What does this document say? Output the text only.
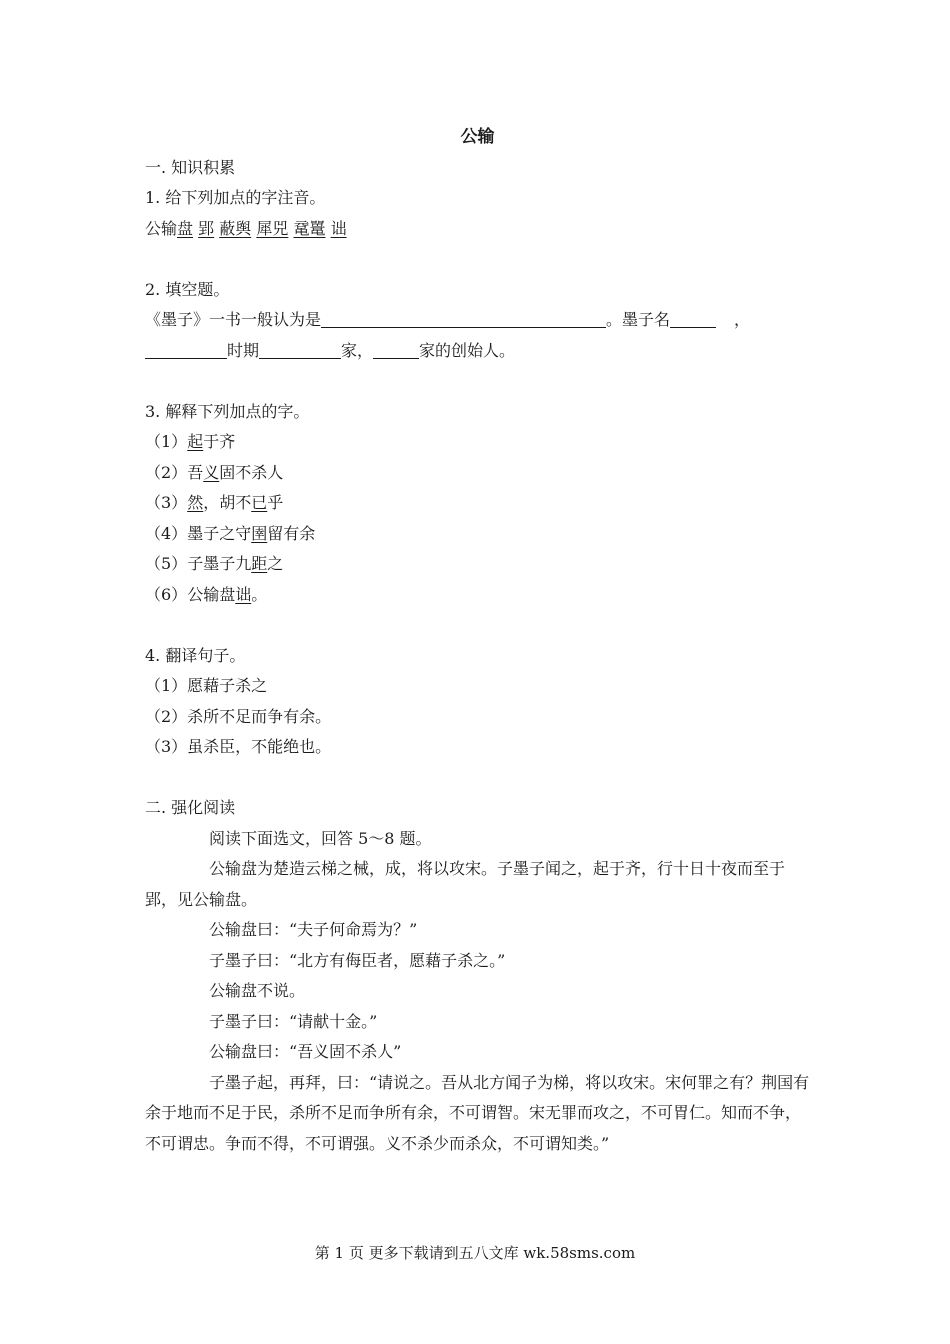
公输
一. 知识积累
1. 给下列加点的字注音。
公输盘 郢 蔽舆 犀兕 鼋鼍 诎
2. 填空题。
《墨子》一书一般认为是	。墨子名	，
时期	家，	家的创始人。
3. 解释下列加点的字。
（1）起于齐
（2）吾义固不杀人
（3）然，胡不已乎
（4）墨子之守圉留有余
（5）子墨子九距之
（6）公输盘诎。
4. 翻译句子。
（1）愿藉子杀之
（2）杀所不足而争有余。
（3）虽杀臣，不能绝也。
二. 强化阅读
阅读下面选文，回答 5～8 题。
公输盘为楚造云梯之械，成，将以攻宋。子墨子闻之，起于齐，行十日十夜而至于郢，见公输盘。
公输盘曰：“夫子何命焉为？”
子墨子曰：“北方有侮臣者，愿藉子杀之。”
公输盘不说。
子墨子曰：“请献十金。”
公输盘曰：“吾义固不杀人”
子墨子起，再拜，曰：“请说之。吾从北方闻子为梯，将以攻宋。宋何罪之有？荆国有余于地而不足于民，杀所不足而争所有余，不可谓智。宋无罪而攻之，不可胃仁。知而不争，不可谓忠。争而不得，不可谓强。义不杀少而杀众，不可谓知类。”
第 1 页 更多下载请到五八文库 wk.58sms.com
